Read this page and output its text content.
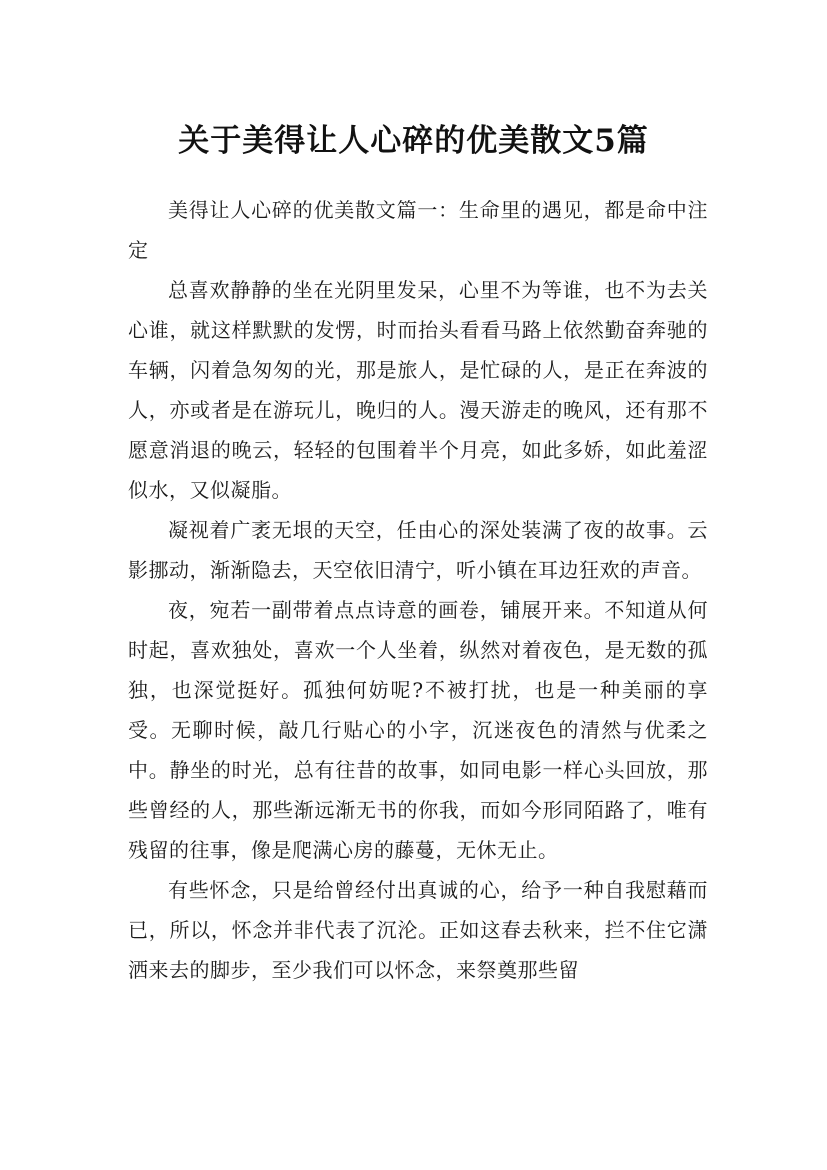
关于美得让人心碎的优美散文5篇

美得让人心碎的优美散文篇一：生命里的遇见，都是命中注定

总喜欢静静的坐在光阴里发呆，心里不为等谁，也不为去关心谁，就这样默默的发愣，时而抬头看看马路上依然勤奋奔驰的车辆，闪着急匆匆的光，那是旅人，是忙碌的人，是正在奔波的人，亦或者是在游玩儿，晚归的人。漫天游走的晚风，还有那不愿意消退的晚云，轻轻的包围着半个月亮，如此多娇，如此羞涩似水，又似凝脂。

凝视着广袤无垠的天空，任由心的深处装满了夜的故事。云影挪动，渐渐隐去，天空依旧清宁，听小镇在耳边狂欢的声音。

夜，宛若一副带着点点诗意的画卷，铺展开来。不知道从何时起，喜欢独处，喜欢一个人坐着，纵然对着夜色，是无数的孤独，也深觉挺好。孤独何妨呢?不被打扰，也是一种美丽的享受。无聊时候，敲几行贴心的小字，沉迷夜色的清然与优柔之中。静坐的时光，总有往昔的故事，如同电影一样心头回放，那些曾经的人，那些渐远渐无书的你我，而如今形同陌路了，唯有残留的往事，像是爬满心房的藤蔓，无休无止。

有些怀念，只是给曾经付出真诚的心，给予一种自我慰藉而已，所以，怀念并非代表了沉沦。正如这春去秋来，拦不住它潇洒来去的脚步，至少我们可以怀念，来祭奠那些留
